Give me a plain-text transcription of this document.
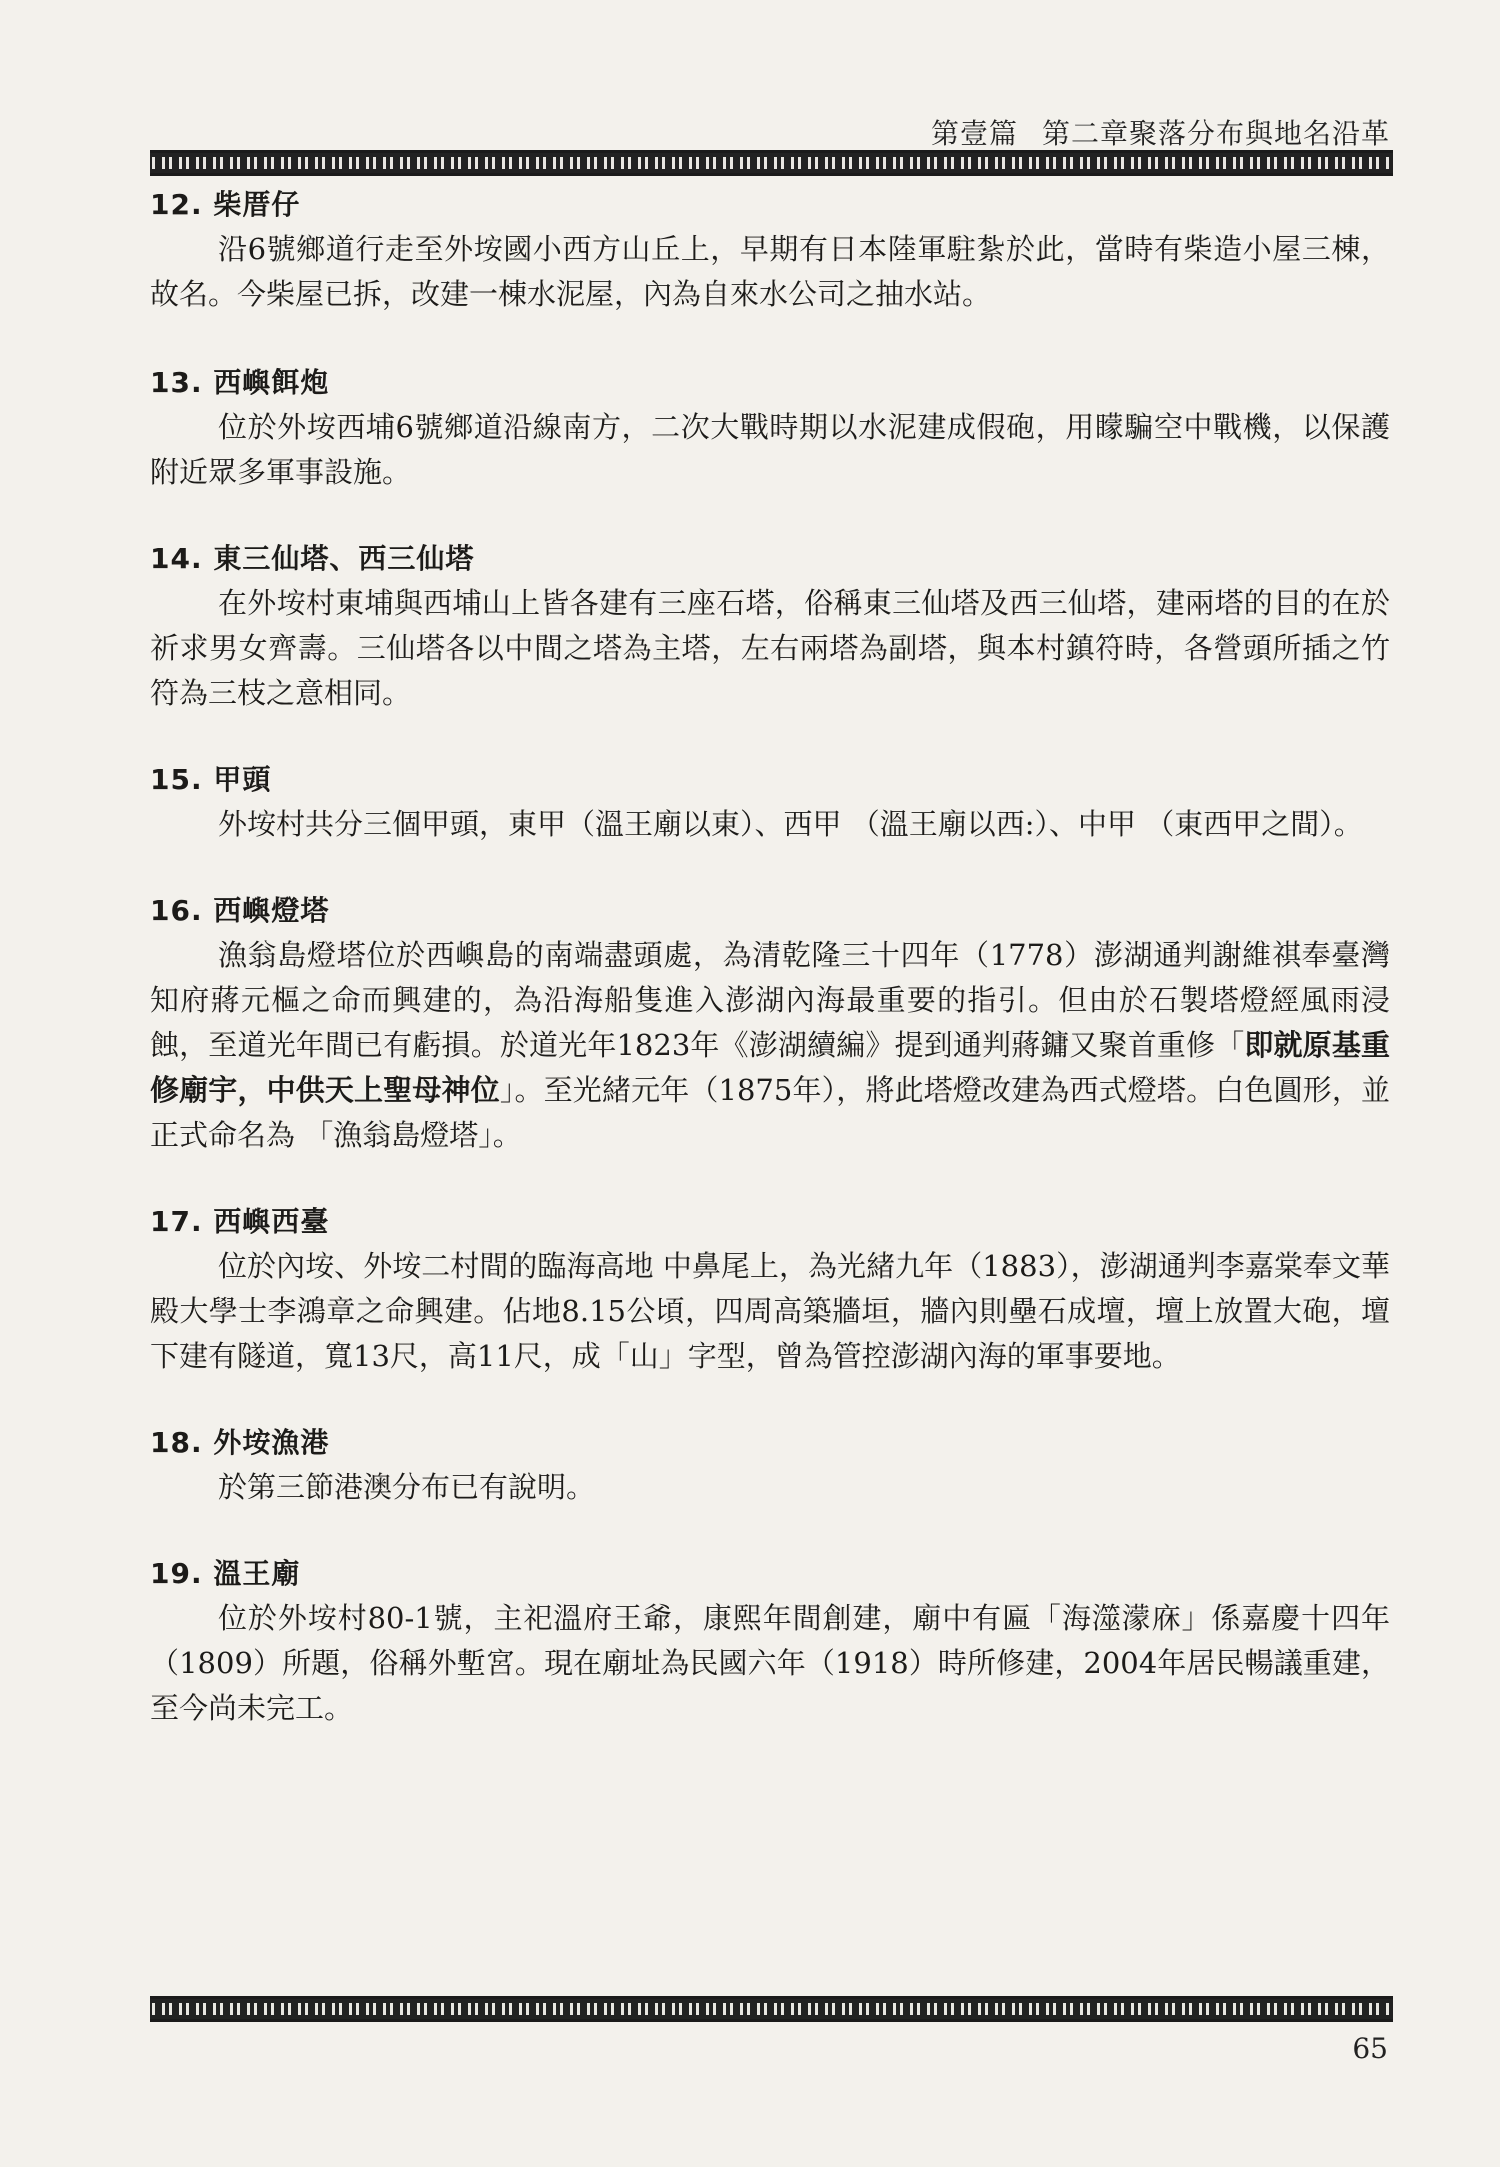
第壹篇 第二章聚落分布與地名沿革
12. 柴厝仔

沿6號鄉道行走至外垵國小西方山丘上，早期有日本陸軍駐紮於此，當時有柴造小屋三棟，故名。今柴屋已拆，改建一棟水泥屋，內為自來水公司之抽水站。

13. 西嶼餌炮

位於外垵西埔6號鄉道沿線南方，二次大戰時期以水泥建成假砲，用矇騙空中戰機，以保護附近眾多軍事設施。

14. 東三仙塔、西三仙塔

在外垵村東埔與西埔山上皆各建有三座石塔，俗稱東三仙塔及西三仙塔，建兩塔的目的在於祈求男女齊壽。三仙塔各以中間之塔為主塔，左右兩塔為副塔，與本村鎮符時，各營頭所插之竹符為三枝之意相同。

15. 甲頭

外垵村共分三個甲頭，東甲（溫王廟以東）、西甲 （溫王廟以西:）、中甲 （東西甲之間）。

16. 西嶼燈塔

漁翁島燈塔位於西嶼島的南端盡頭處，為清乾隆三十四年（1778）澎湖通判謝維祺奉臺灣知府蔣元樞之命而興建的，為沿海船隻進入澎湖內海最重要的指引。但由於石製塔燈經風雨浸蝕，至道光年間已有虧損。於道光年1823年《澎湖續編》提到通判蔣鏞又聚首重修「即就原基重修廟宇，中供天上聖母神位」。至光緒元年（1875年），將此塔燈改建為西式燈塔。白色圓形，並正式命名為 「漁翁島燈塔」。

17. 西嶼西臺

位於內垵、外垵二村間的臨海高地 中鼻尾上，為光緒九年（1883），澎湖通判李嘉棠奉文華殿大學士李鴻章之命興建。佔地8.15公頃，四周高築牆垣，牆內則壘石成壇，壇上放置大砲，壇下建有隧道，寬13尺，高11尺，成「山」字型，曾為管控澎湖內海的軍事要地。

18. 外垵漁港

於第三節港澳分布已有說明。

19. 溫王廟

位於外垵村80-1號，主祀溫府王爺，康熙年間創建，廟中有匾「海澨濛庥」係嘉慶十四年（1809）所題，俗稱外塹宮。現在廟址為民國六年（1918）時所修建，2004年居民暢議重建，至今尚未完工。

65
